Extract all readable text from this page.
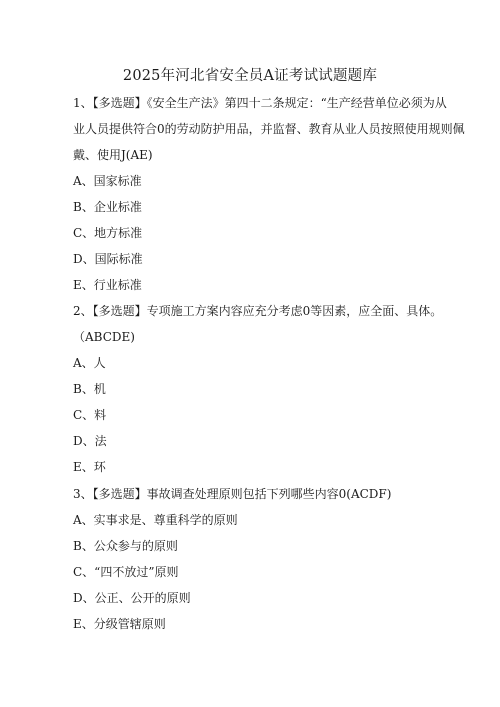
2025年河北省安全员A证考试试题题库
1、【多选题】《安全生产法》第四十二条规定：“生产经营单位必须为从
业人员提供符合0的劳动防护用品，并监督、教育从业人员按照使用规则佩
戴、使用J(AE)
A、国家标准
B、企业标准
C、地方标准
D、国际标准
E、行业标准
2、【多选题】专项施工方案内容应充分考虑0等因素，应全面、具体。
（ABCDE)
A、人
B、机
C、料
D、法
E、环
3、【多选题】事故调查处理原则包括下列哪些内容0(ACDF)
A、实事求是、尊重科学的原则
B、公众参与的原则
C、“四不放过”原则
D、公正、公开的原则
E、分级管辖原则
